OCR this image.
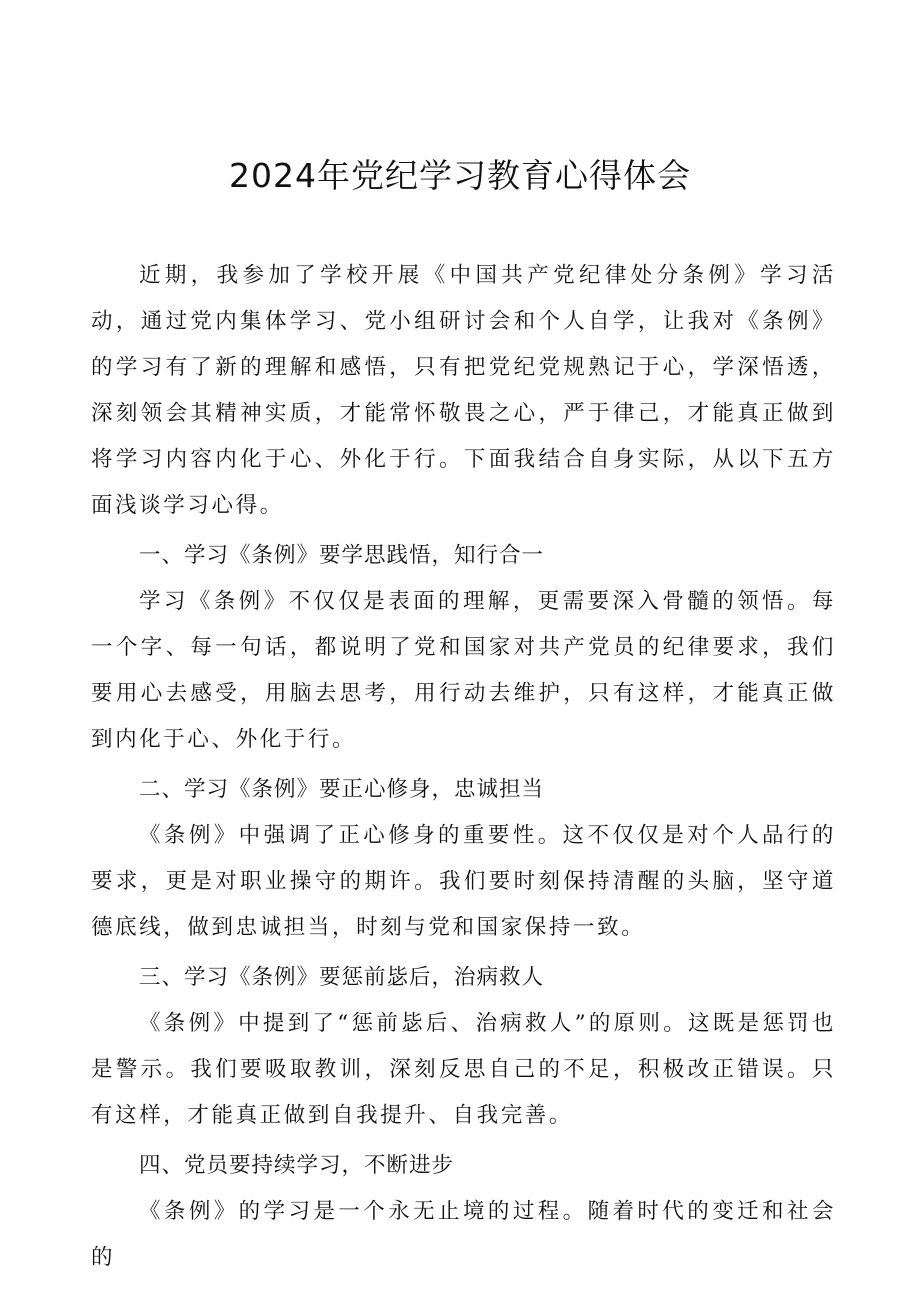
2024年党纪学习教育心得体会

近期，我参加了学校开展《中国共产党纪律处分条例》学习活动，通过党内集体学习、党小组研讨会和个人自学，让我对《条例》的学习有了新的理解和感悟，只有把党纪党规熟记于心，学深悟透，深刻领会其精神实质，才能常怀敬畏之心，严于律己，才能真正做到将学习内容内化于心、外化于行。下面我结合自身实际，从以下五方面浅谈学习心得。

一、学习《条例》要学思践悟，知行合一

学习《条例》不仅仅是表面的理解，更需要深入骨髓的领悟。每一个字、每一句话，都说明了党和国家对共产党员的纪律要求，我们要用心去感受，用脑去思考，用行动去维护，只有这样，才能真正做到内化于心、外化于行。

二、学习《条例》要正心修身，忠诚担当

《条例》中强调了正心修身的重要性。这不仅仅是对个人品行的要求，更是对职业操守的期许。我们要时刻保持清醒的头脑，坚守道德底线，做到忠诚担当，时刻与党和国家保持一致。

三、学习《条例》要惩前毖后，治病救人

《条例》中提到了“惩前毖后、治病救人”的原则。这既是惩罚也是警示。我们要吸取教训，深刻反思自己的不足，积极改正错误。只有这样，才能真正做到自我提升、自我完善。

四、党员要持续学习，不断进步

《条例》的学习是一个永无止境的过程。随着时代的变迁和社会的
